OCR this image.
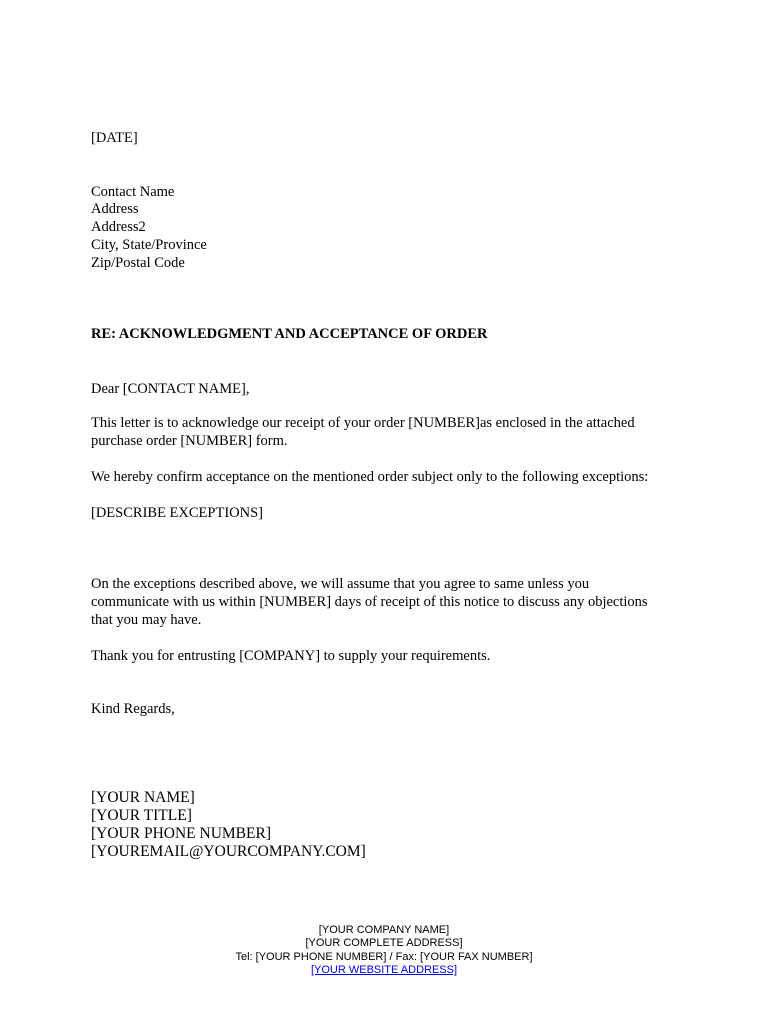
[DATE]
Contact Name
Address
Address2
City, State/Province
Zip/Postal Code
RE: ACKNOWLEDGMENT AND ACCEPTANCE OF ORDER
Dear [CONTACT NAME],
This letter is to acknowledge our receipt of your order [NUMBER]as enclosed in the attached
purchase order [NUMBER] form.
We hereby confirm acceptance on the mentioned order subject only to the following exceptions:
[DESCRIBE EXCEPTIONS]
On the exceptions described above, we will assume that you agree to same unless you
communicate with us within [NUMBER] days of receipt of this notice to discuss any objections
that you may have.
Thank you for entrusting [COMPANY] to supply your requirements.
Kind Regards,
[YOUR NAME]
[YOUR TITLE]
[YOUR PHONE NUMBER]
[YOUREMAIL@YOURCOMPANY.COM]
[YOUR COMPANY NAME]
[YOUR COMPLETE ADDRESS]
Tel: [YOUR PHONE NUMBER] / Fax: [YOUR FAX NUMBER]
[YOUR WEBSITE ADDRESS]
